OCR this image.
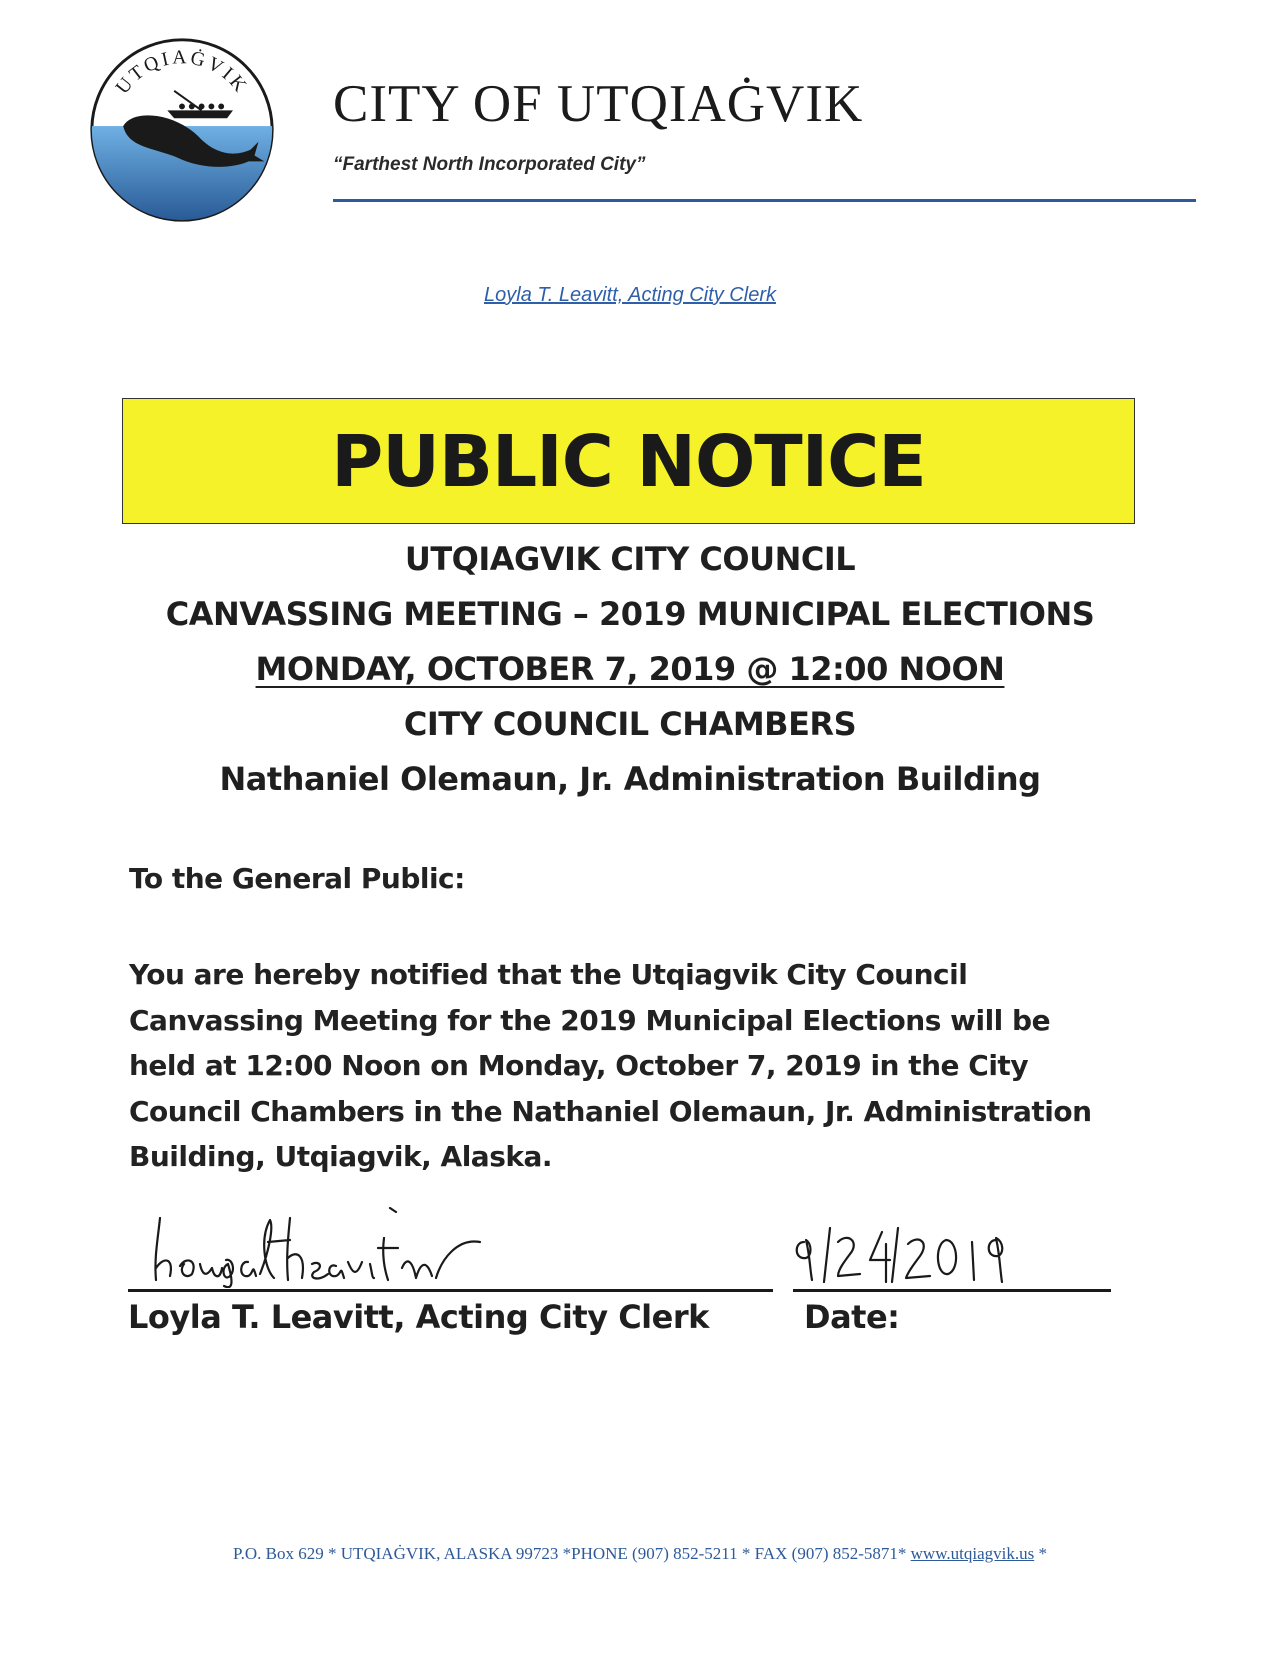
UTQIAĠVIK CITY OF UTQIAĠVIK
“Farthest North Incorporated City”
Loyla T. Leavitt, Acting City Clerk
PUBLIC NOTICE
UTQIAGVIK CITY COUNCIL
CANVASSING MEETING – 2019 MUNICIPAL ELECTIONS
MONDAY, OCTOBER 7, 2019 @ 12:00 NOON
CITY COUNCIL CHAMBERS
Nathaniel Olemaun, Jr. Administration Building
To the General Public:
You are hereby notified that the Utqiagvik City Council
Canvassing Meeting for the 2019 Municipal Elections will be
held at 12:00 Noon on Monday, October 7, 2019 in the City
Council Chambers in the Nathaniel Olemaun, Jr. Administration
Building, Utqiagvik, Alaska.
Loyla T. Leavitt, Acting City Clerk	Date:
P.O. Box 629 * UTQIAĠVIK, ALASKA 99723 *PHONE (907) 852-5211 * FAX (907) 852-5871* www.utqiagvik.us *
